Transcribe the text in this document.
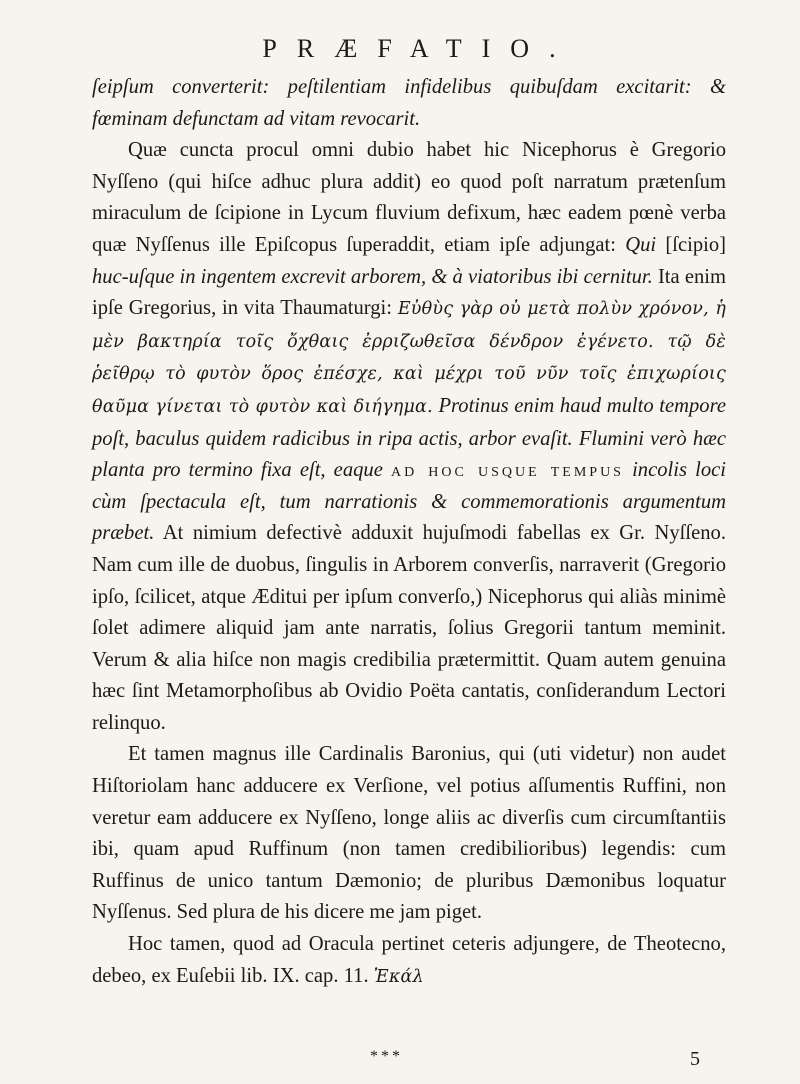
PRÆFATIO.

ſeipſum converterit: peſtilentiam infidelibus quibuſdam excitarit: & fœminam defunctam ad vitam revocarit.

Quæ cuncta procul omni dubio habet hic Nicephorus è Gregorio Nyſſeno (qui hiſce adhuc plura addit) eo quod poſt narratum prætenſum miraculum de ſcipione in Lycum fluvium defixum, hæc eadem pœnè verba quæ Nyſſenus ille Epiſcopus ſuperaddit, etiam ipſe adjungat: Qui [ſcipio] huc-uſque in ingentem excrevit arborem, & à viatoribus ibi cernitur. Ita enim ipſe Gregorius, in vita Thaumaturgi: Εὐθὺς γὰρ οὐ μετὰ πολὺν χρόνον, ἡ μὲν βακτηρία τοῖς ὄχθαις ἐρριζωθεῖσα δένδρον ἐγένετο. τῷ δὲ ῥεῖθρῳ τὸ φυτὸν ὅρος ἐπέσχε, καὶ μέχρι τοῦ νῦν τοῖς ἐπιχωρίοις θαῦμα γίνεται τὸ φυτὸν καὶ διήγημα. Protinus enim haud multo tempore poſt, baculus quidem radicibus in ripa actis, arbor evaſit. Flumini verò hæc planta pro termino fixa eſt, eaque ad hoc usque tempus incolis loci cùm ſpectacula eſt, tum narrationis & commemorationis argumentum præbet. At nimium defectivè adduxit hujuſmodi fabellas ex Gr. Nyſſeno. Nam cum ille de duobus, ſingulis in Arborem converſis, narraverit (Gregorio ipſo, ſcilicet, atque Æditui per ipſum converſo,) Nicephorus qui aliàs minimè ſolet adimere aliquid jam ante narratis, ſolius Gregorii tantum meminit. Verum & alia hiſce non magis credibilia prætermittit. Quam autem genuina hæc ſint Metamorphoſibus ab Ovidio Poëta cantatis, conſiderandum Lectori relinquo.

Et tamen magnus ille Cardinalis Baronius, qui (uti videtur) non audet Hiſtoriolam hanc adducere ex Verſione, vel potius aſſumentis Ruffini, non veretur eam adducere ex Nyſſeno, longe aliis ac diverſis cum circumſtantiis ibi, quam apud Ruffinum (non tamen credibilioribus) legendis: cum Ruffinus de unico tantum Dæmonio; de pluribus Dæmonibus loquatur Nyſſenus. Sed plura de his dicere me jam piget.

Hoc tamen, quod ad Oracula pertinet ceteris adjungere, de Theotecno, debeo, ex Euſebii lib. IX. cap. 11. Ἐκάλ

***	5
